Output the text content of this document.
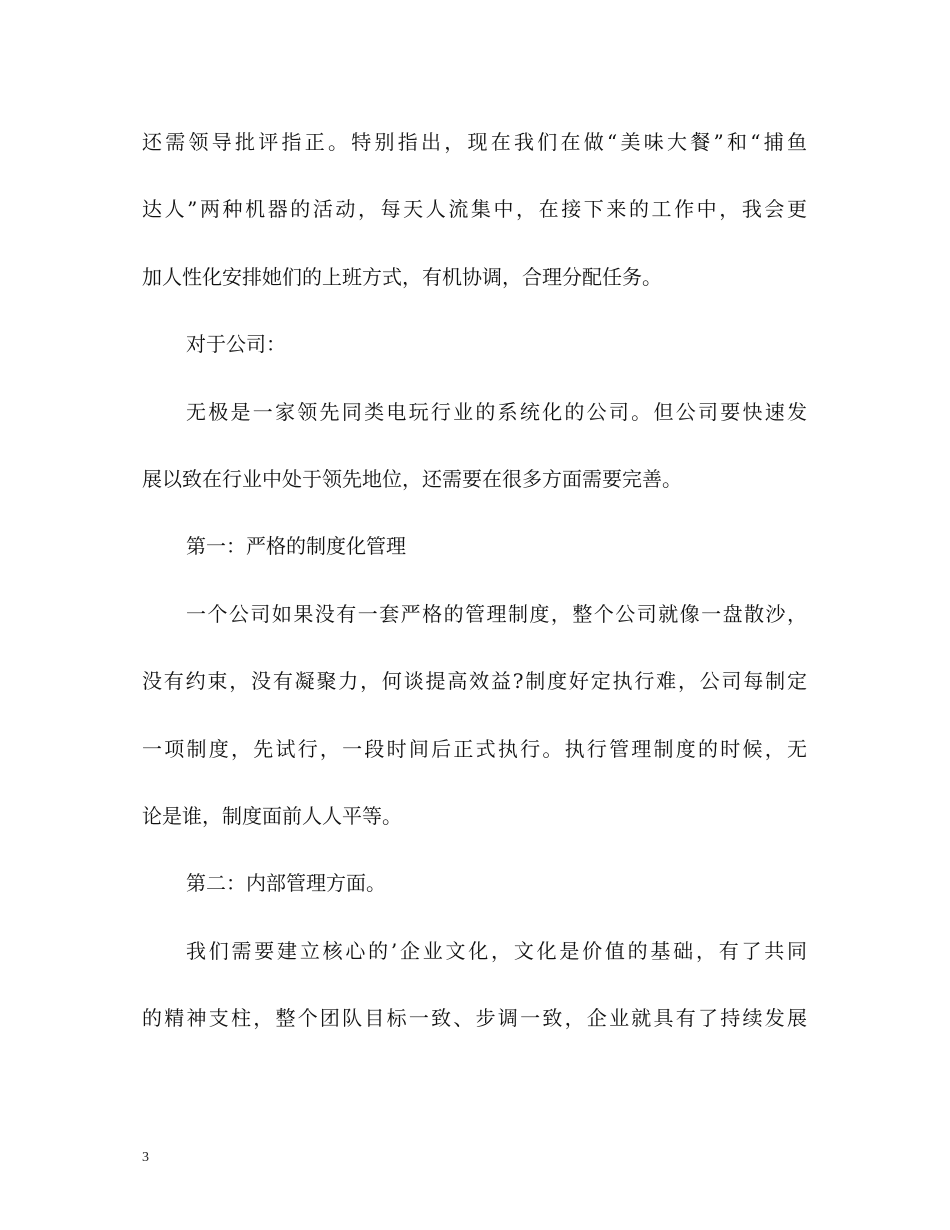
还需领导批评指正。特别指出，现在我们在做“美味大餐”和“捕鱼
达人”两种机器的活动，每天人流集中，在接下来的工作中，我会更
加人性化安排她们的上班方式，有机协调，合理分配任务。
对于公司：
无极是一家领先同类电玩行业的系统化的公司。但公司要快速发
展以致在行业中处于领先地位，还需要在很多方面需要完善。
第一：严格的制度化管理
一个公司如果没有一套严格的管理制度，整个公司就像一盘散沙，
没有约束，没有凝聚力，何谈提高效益?制度好定执行难，公司每制定
一项制度，先试行，一段时间后正式执行。执行管理制度的时候，无
论是谁，制度面前人人平等。
第二：内部管理方面。
我们需要建立核心的’企业文化，文化是价值的基础，有了共同
的精神支柱，整个团队目标一致、步调一致，企业就具有了持续发展
3
